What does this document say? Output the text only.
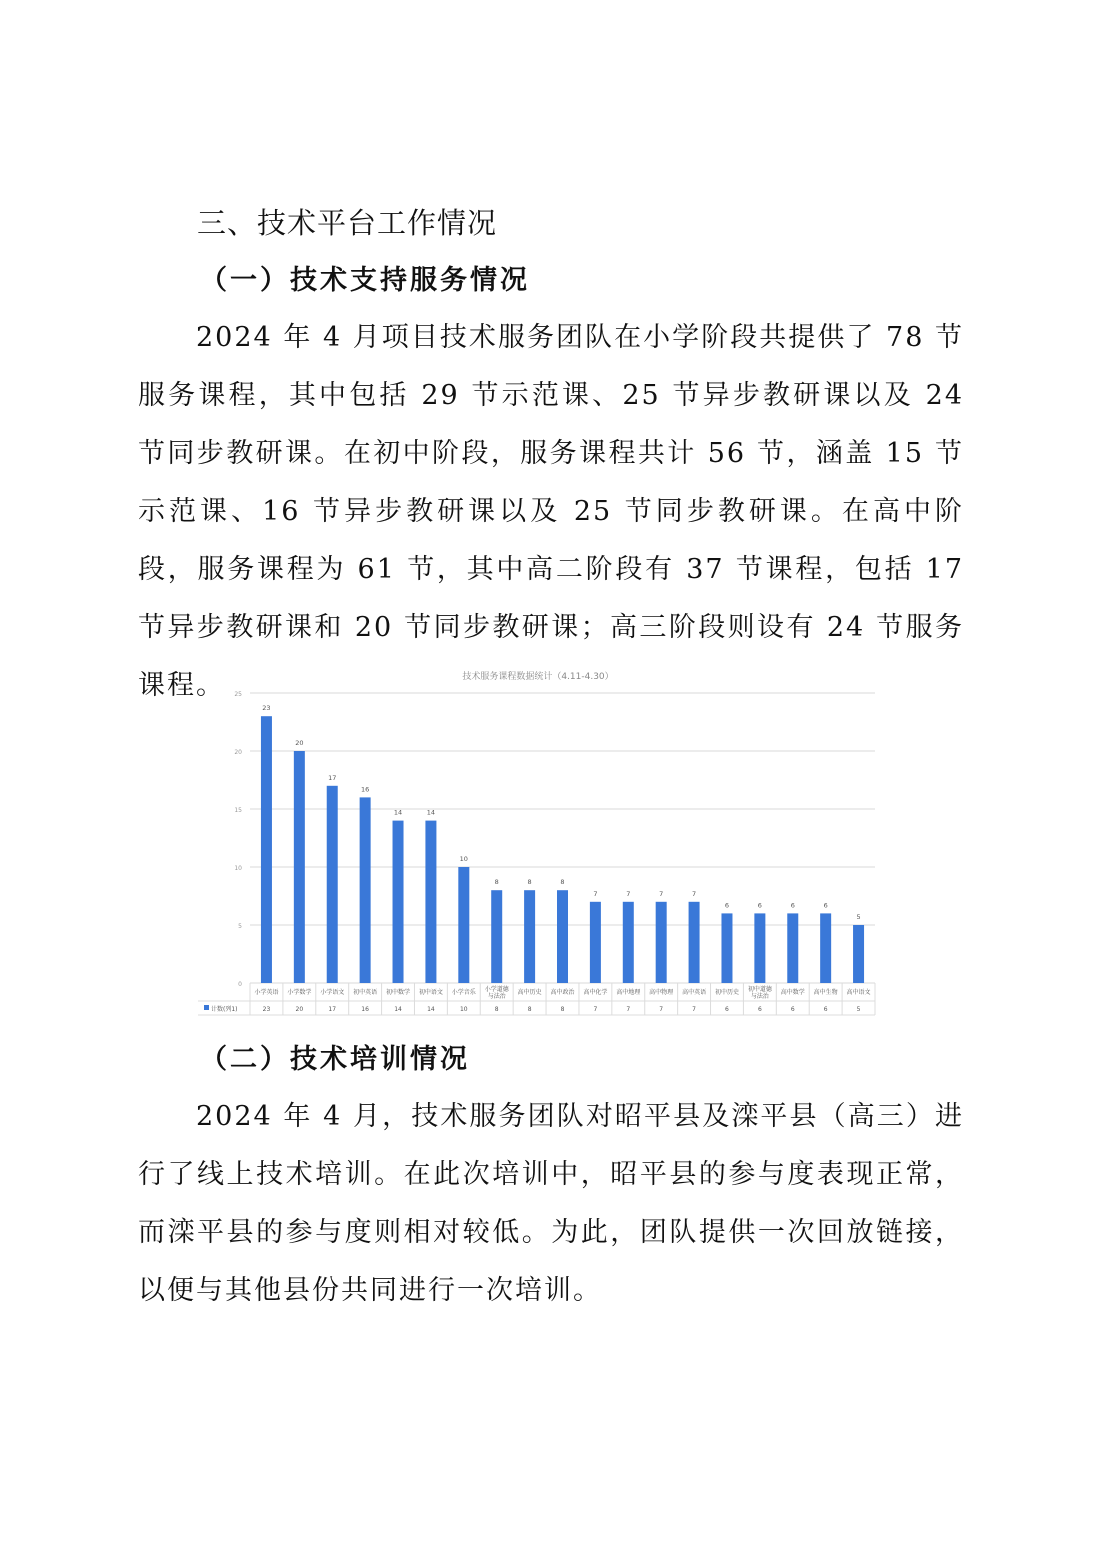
三、技术平台工作情况
（一）技术支持服务情况

2024 年 4 月项目技术服务团队在小学阶段共提供了 78 节服务课程，其中包括 29 节示范课、25 节异步教研课以及 24 节同步教研课。在初中阶段，服务课程共计 56 节，涵盖 15 节示范课、16 节异步教研课以及 25 节同步教研课。在高中阶段，服务课程为 61 节，其中高二阶段有 37 节课程，包括 17 节异步教研课和 20 节同步教研课；高三阶段则设有 24 节服务课程。	技术服务课程数据统计（4.11-4.30）
0
5
10
15
20
25
23
小学英语
23
20
小学数学
20
17
小学语文
17
16
初中英语
16
14
初中数学
14
14
初中语文
14
10
小学音乐
10
8
小学道德
与法治
8
8
高中历史
8
8
高中政治
8
7
高中化学
7
7
高中地理
7
7
高中物理
7
7
高中英语
7
6
初中历史
6
6
初中道德
与法治
6
6
高中数学
6
6
高中生物
6
5
高中语文
5
计数(列1)
（二）技术培训情况

2024 年 4 月，技术服务团队对昭平县及滦平县（高三）进行了线上技术培训。在此次培训中，昭平县的参与度表现正常，而滦平县的参与度则相对较低。为此，团队提供一次回放链接，以便与其他县份共同进行一次培训。
